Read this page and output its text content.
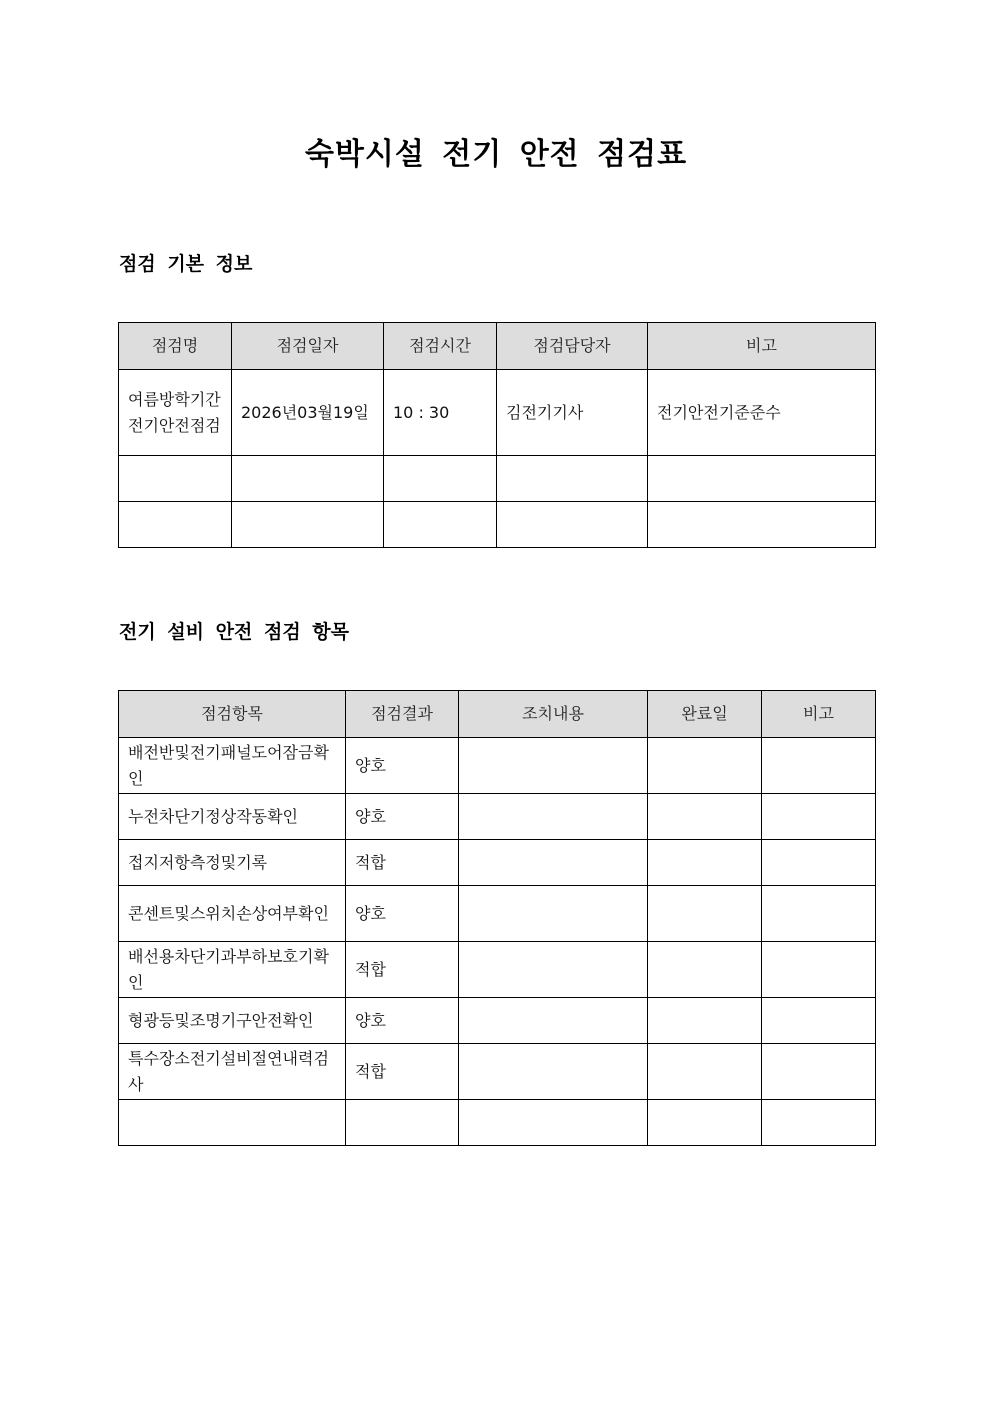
숙박시설 전기 안전 점검표
점검 기본 정보
점검명	점검일자	점검시간	점검담당자	비고
여름방학기간전기안전점검	2026년03월19일	10 : 30	김전기기사	전기안전기준준수

전기 설비 안전 점검 항목
점검항목	점검결과	조치내용	완료일	비고
배전반및전기패널도어잠금확인	양호			
누전차단기정상작동확인	양호			
접지저항측정및기록	적합			
콘센트및스위치손상여부확인	양호			
배선용차단기과부하보호기확인	적합			
형광등및조명기구안전확인	양호			
특수장소전기설비절연내력검사	적합			
